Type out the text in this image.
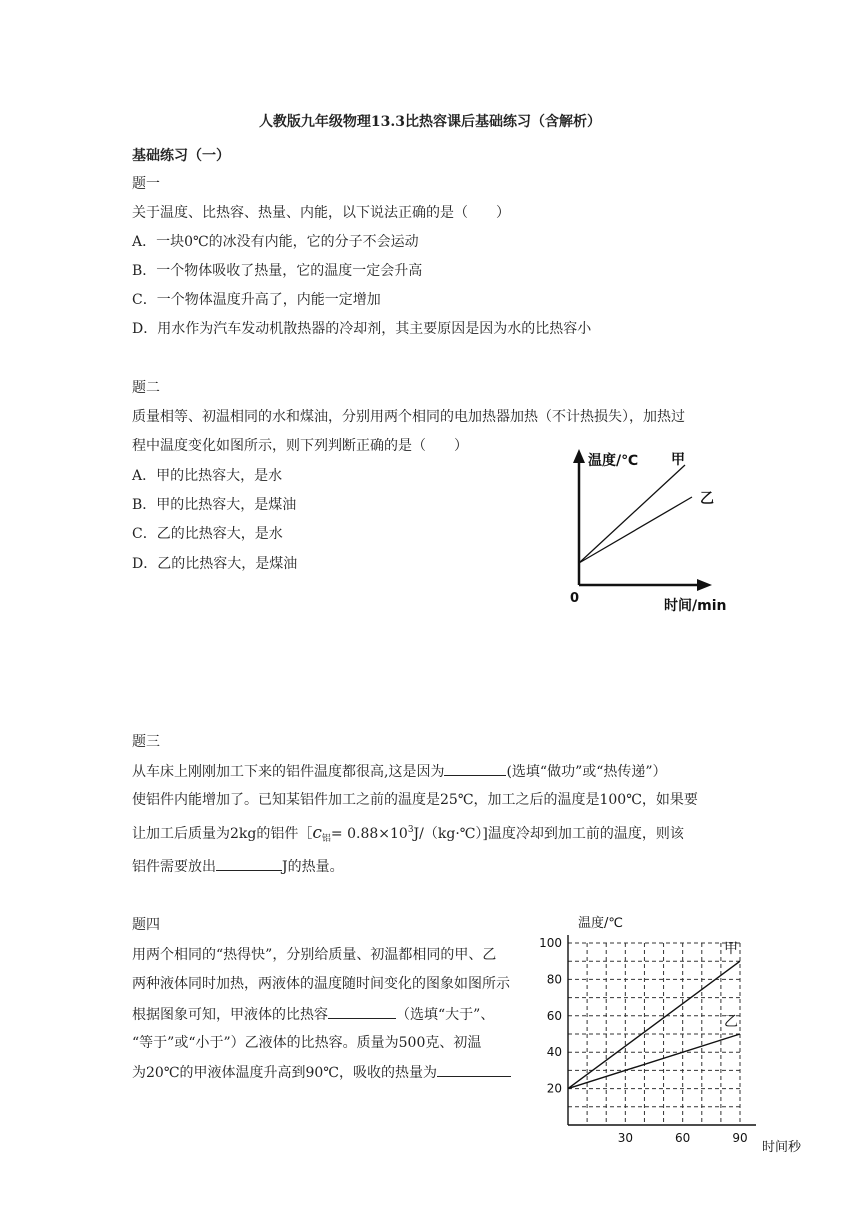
人教版九年级物理13.3比热容课后基础练习（含解析）
基础练习（一）
题一
关于温度、比热容、热量、内能，以下说法正确的是（　　）
A．一块0℃的冰没有内能，它的分子不会运动
B．一个物体吸收了热量，它的温度一定会升高
C．一个物体温度升高了，内能一定增加
D．用水作为汽车发动机散热器的冷却剂，其主要原因是因为水的比热容小
题二
质量相等、初温相同的水和煤油，分别用两个相同的电加热器加热（不计热损失），加热过
程中温度变化如图所示，则下列判断正确的是（　　）
A．甲的比热容大，是水
B．甲的比热容大，是煤油
C．乙的比热容大，是水
D．乙的比热容大，是煤油
温度/℃ 甲
乙
0	时间/min
题三
从车床上刚刚加工下来的铝件温度都很高,这是因为	(选填“做功”或“热传递”）
使铝件内能增加了。已知某铝件加工之前的温度是25℃，加工之后的温度是100℃，如果要
让加工后质量为2kg的铝件$[c_铝=$ $0.88\times 10^3J/(kg\cdot℃)$]温度冷却到加工前的温度，则该
铝件需要放出	J的热量。
题四
用两个相同的“热得快”，分别给质量、初温都相同的甲、乙
两种液体同时加热，两液体的温度随时间变化的图象如图所示
根据图象可知，甲液体的比热容	（选填“大于”、
“等于”或“小于”）乙液体的比热容。质量为500克、初温
为20℃的甲液体温度升高到90℃，吸收的热量为
温度/℃
时间秒
20
40
60
80
100
30	60	90
甲
乙
